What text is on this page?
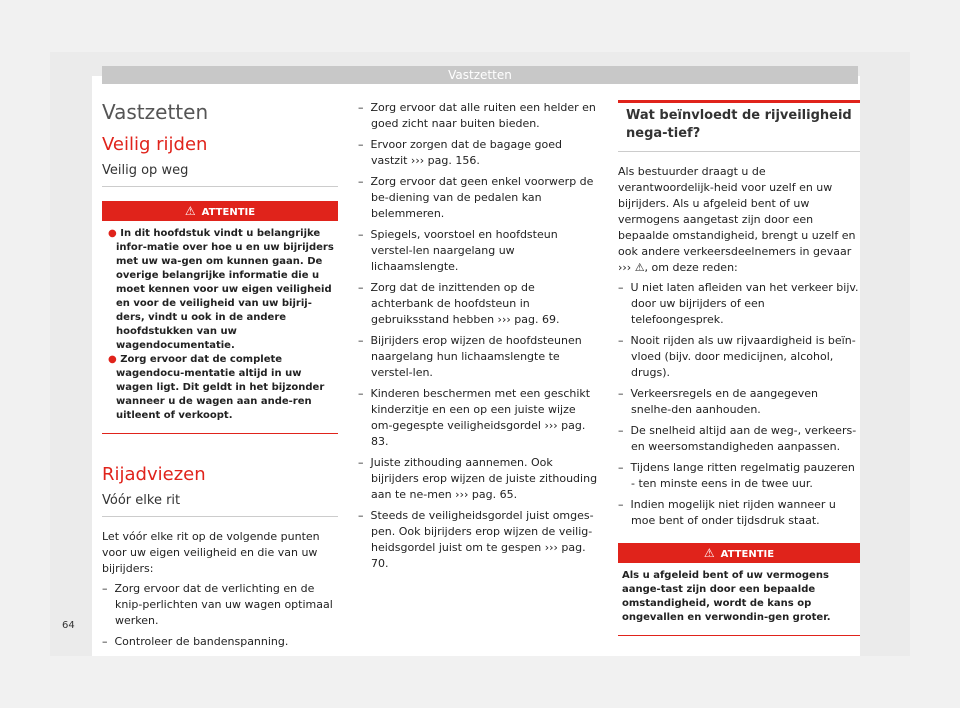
Vastzetten
Vastzetten
Veilig rijden
Veilig op weg
⚠ ATTENTIE
● In dit hoofdstuk vindt u belangrijke infor-matie over hoe u en uw bijrijders met uw wa-gen om kunnen gaan. De overige belangrijke informatie die u moet kennen voor uw eigen veiligheid en voor de veiligheid van uw bijrij-ders, vindt u ook in de andere hoofdstukken van uw wagendocumentatie.
● Zorg ervoor dat de complete wagendocu-mentatie altijd in uw wagen ligt. Dit geldt in het bijzonder wanneer u de wagen aan ande-ren uitleent of verkoopt.
Rijadviezen
Vóór elke rit

Let vóór elke rit op de volgende punten voor uw eigen veiligheid en die van uw bijrijders:

–  Zorg ervoor dat de verlichting en de knip-perlichten van uw wagen optimaal werken.
–  Controleer de bandenspanning.
–  Zorg ervoor dat alle ruiten een helder en goed zicht naar buiten bieden.
–  Ervoor zorgen dat de bagage goed vastzit ››› pag. 156.
–  Zorg ervoor dat geen enkel voorwerp de be-diening van de pedalen kan belemmeren.
–  Spiegels, voorstoel en hoofdsteun verstel-len naargelang uw lichaamslengte.
–  Zorg dat de inzittenden op de achterbank de hoofdsteun in gebruiksstand hebben ››› pag. 69.
–  Bijrijders erop wijzen de hoofdsteunen naargelang hun lichaamslengte te verstel-len.
–  Kinderen beschermen met een geschikt kinderzitje en een op een juiste wijze om-gegespte veiligheidsgordel ››› pag. 83.
–  Juiste zithouding aannemen. Ook bijrijders erop wijzen de juiste zithouding aan te ne-men ››› pag. 65.
–  Steeds de veiligheidsgordel juist omges-pen. Ook bijrijders erop wijzen de veilig-heidsgordel juist om te gespen ››› pag. 70.
Wat beïnvloedt de rijveiligheid nega-tief?

Als bestuurder draagt u de verantwoordelijk-heid voor uzelf en uw bijrijders. Als u afgeleid bent of uw vermogens aangetast zijn door een bepaalde omstandigheid, brengt u uzelf en ook andere verkeersdeelnemers in gevaar ››› ⚠, om deze reden:

–  U niet laten afleiden van het verkeer bijv. door uw bijrijders of een telefoongesprek.
–  Nooit rijden als uw rijvaardigheid is beïn-vloed (bijv. door medicijnen, alcohol, drugs).
–  Verkeersregels en de aangegeven snelhe-den aanhouden.
–  De snelheid altijd aan de weg-, verkeers- en weersomstandigheden aanpassen.
–  Tijdens lange ritten regelmatig pauzeren - ten minste eens in de twee uur.
–  Indien mogelijk niet rijden wanneer u moe bent of onder tijdsdruk staat.
⚠ ATTENTIE
Als u afgeleid bent of uw vermogens aange-tast zijn door een bepaalde omstandigheid, wordt de kans op ongevallen en verwondin-gen groter.
64
